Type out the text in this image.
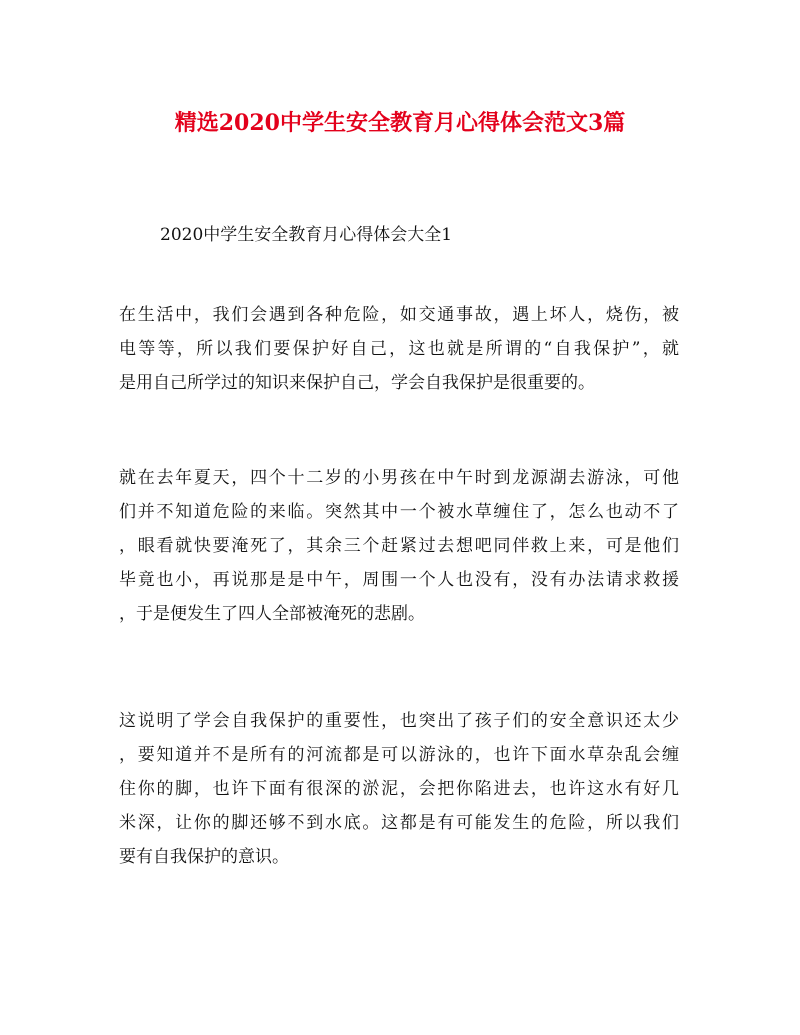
精选2020中学生安全教育月心得体会范文3篇
2020中学生安全教育月心得体会大全1
在生活中，我们会遇到各种危险，如交通事故，遇上坏人，烧伤，被
电等等，所以我们要保护好自己，这也就是所谓的“自我保护”，就
是用自己所学过的知识来保护自己，学会自我保护是很重要的。
就在去年夏天，四个十二岁的小男孩在中午时到龙源湖去游泳，可他
们并不知道危险的来临。突然其中一个被水草缠住了，怎么也动不了
，眼看就快要淹死了，其余三个赶紧过去想吧同伴救上来，可是他们
毕竟也小，再说那是是中午，周围一个人也没有，没有办法请求救援
，于是便发生了四人全部被淹死的悲剧。
这说明了学会自我保护的重要性，也突出了孩子们的安全意识还太少
，要知道并不是所有的河流都是可以游泳的，也许下面水草杂乱会缠
住你的脚，也许下面有很深的淤泥，会把你陷进去，也许这水有好几
米深，让你的脚还够不到水底。这都是有可能发生的危险，所以我们
要有自我保护的意识。
